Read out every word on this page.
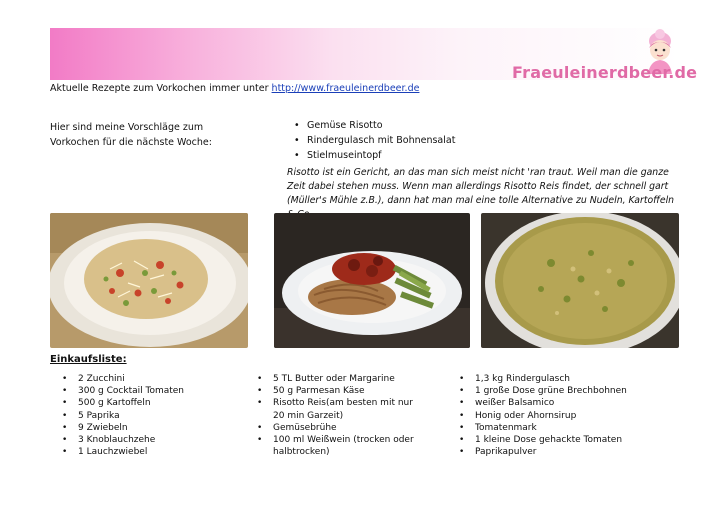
Fraeuleinerdbeer.de
Aktuelle Rezepte zum Vorkochen immer unter http://www.fraeuleinerdbeer.de
Hier sind meine Vorschläge zum Vorkochen für die nächste Woche:
• Gemüse Risotto
• Rindergulasch mit Bohnensalat
• Stielmuseintopf
Risotto ist ein Gericht, an das man sich meist nicht 'ran traut. Weil man die ganze Zeit dabei stehen muss. Wenn man allerdings Risotto Reis findet, der schnell gart (Müller's Mühle z.B.), dann hat man mal eine tolle Alternative zu Nudeln, Kartoffeln
Einkaufsliste:
• 2 Zucchini
• 300 g Cocktail Tomaten
• 500 g Kartoffeln
• 5 Paprika
• 9 Zwiebeln
• 3 Knoblauchzehe
• 1 Lauchzwiebel
• 5 TL Butter oder Margarine
• 50 g Parmesan Käse
• Risotto Reis(am besten mit nur
20 min Garzeit)
• Gemüsebrühe
• 100 ml Weißwein (trocken oder
halbtrocken)
• 1,3 kg Rindergulasch
• 1 große Dose grüne Brechbohnen
• weißer Balsamico
• Honig oder Ahornsirup
• Tomatenmark
• 1 kleine Dose gehackte Tomaten
• Paprikapulver
